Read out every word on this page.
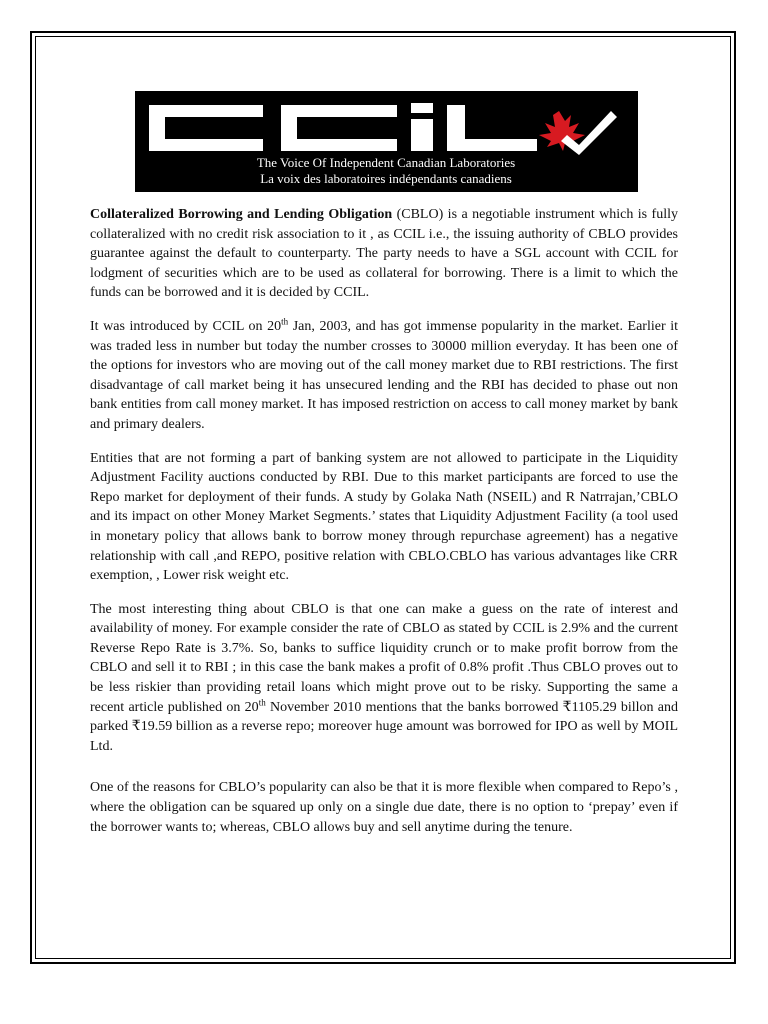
The Voice Of Independent Canadian Laboratories
La voix des laboratoires indépendants canadiens

Collateralized Borrowing and Lending Obligation (CBLO) is a negotiable instrument which is fully collateralized with no credit risk association to it , as CCIL i.e., the issuing authority of CBLO provides guarantee against the default to counterparty. The party needs to have a SGL account with CCIL for lodgment of securities which are to be used as collateral for borrowing. There is a limit to which the funds can be borrowed and it is decided by CCIL.

It was introduced by CCIL on 20th Jan, 2003, and has got immense popularity in the market. Earlier it was traded less in number but today the number crosses to 30000 million everyday. It has been one of the options for investors who are moving out of the call money market due to RBI restrictions. The first disadvantage of call market being it has unsecured lending and the RBI has decided to phase out non bank entities from call money market. It has imposed restriction on access to call money market by bank and primary dealers.

Entities that are not forming a part of banking system are not allowed to participate in the Liquidity Adjustment Facility auctions conducted by RBI. Due to this market participants are forced to use the Repo market for deployment of their funds. A study by Golaka Nath (NSEIL) and R Natrrajan,’CBLO and its impact on other Money Market Segments.’ states that Liquidity Adjustment Facility (a tool used in monetary policy that allows bank to borrow money through repurchase agreement) has a negative relationship with call ,and REPO, positive relation with CBLO.CBLO has various advantages like CRR exemption, , Lower risk weight etc.

The most interesting thing about CBLO is that one can make a guess on the rate of interest and availability of money. For example consider the rate of CBLO as stated by CCIL is 2.9% and the current Reverse Repo Rate is 3.7%. So, banks to suffice liquidity crunch or to make profit borrow from the CBLO and sell it to RBI ; in this case the bank makes a profit of 0.8% profit .Thus CBLO proves out to be less riskier than providing retail loans which might prove out to be risky. Supporting the same a recent article published on 20th November 2010 mentions that the banks borrowed ₹1105.29 billon and parked ₹19.59 billion as a reverse repo; moreover huge amount was borrowed for IPO as well by MOIL Ltd.

One of the reasons for CBLO’s popularity can also be that it is more flexible when compared to Repo’s , where the obligation can be squared up only on a single due date, there is no option to ‘prepay’ even if the borrower wants to; whereas, CBLO allows buy and sell anytime during the tenure.
